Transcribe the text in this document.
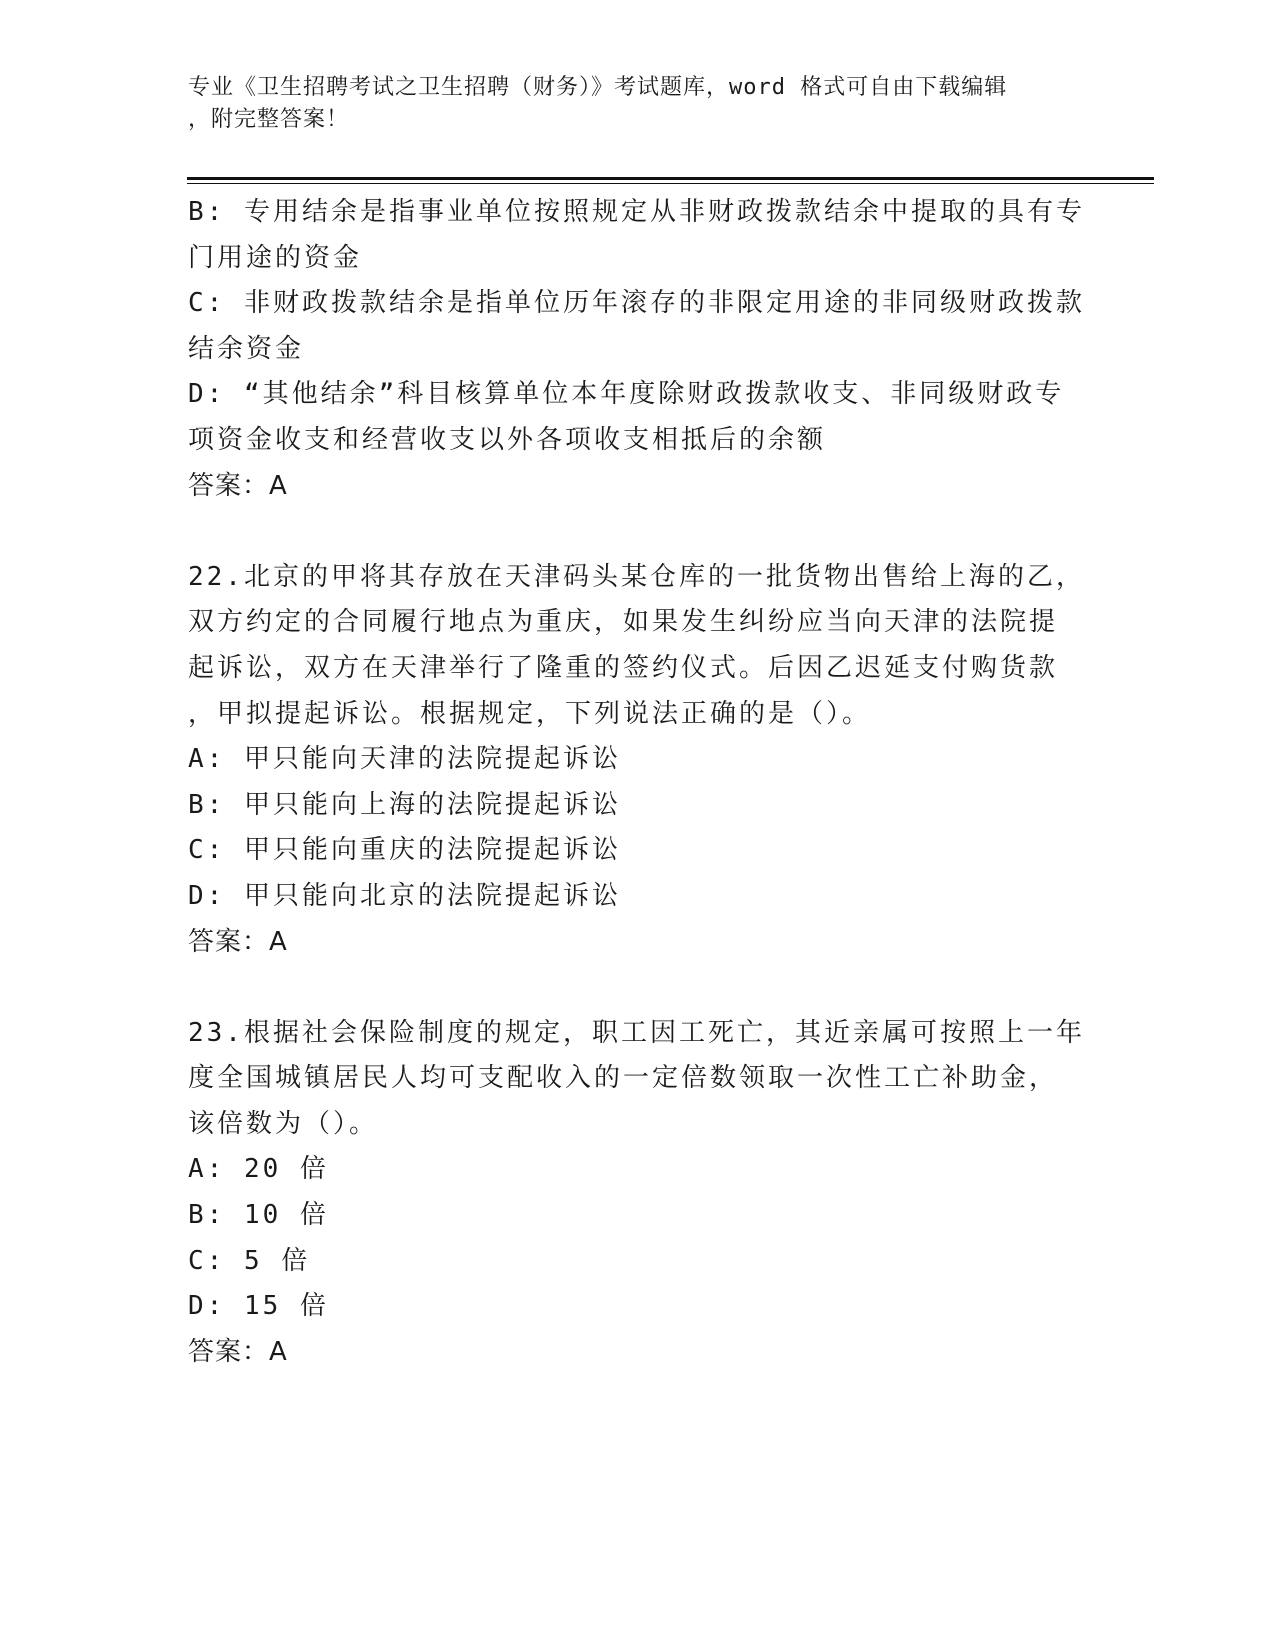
专业《卫生招聘考试之卫生招聘（财务）》考试题库，word 格式可自由下载编辑
，附完整答案！
B: 专用结余是指事业单位按照规定从非财政拨款结余中提取的具有专
门用途的资金
C: 非财政拨款结余是指单位历年滚存的非限定用途的非同级财政拨款
结余资金
D: “其他结余”科目核算单位本年度除财政拨款收支、非同级财政专
项资金收支和经营收支以外各项收支相抵后的余额
答案：A
22.北京的甲将其存放在天津码头某仓库的一批货物出售给上海的乙，
双方约定的合同履行地点为重庆，如果发生纠纷应当向天津的法院提
起诉讼，双方在天津举行了隆重的签约仪式。后因乙迟延支付购货款
，甲拟提起诉讼。根据规定，下列说法正确的是（）。
A: 甲只能向天津的法院提起诉讼
B: 甲只能向上海的法院提起诉讼
C: 甲只能向重庆的法院提起诉讼
D: 甲只能向北京的法院提起诉讼
答案：A
23.根据社会保险制度的规定，职工因工死亡，其近亲属可按照上一年
度全国城镇居民人均可支配收入的一定倍数领取一次性工亡补助金，
该倍数为（）。
A: 20 倍
B: 10 倍
C: 5 倍
D: 15 倍
答案：A
